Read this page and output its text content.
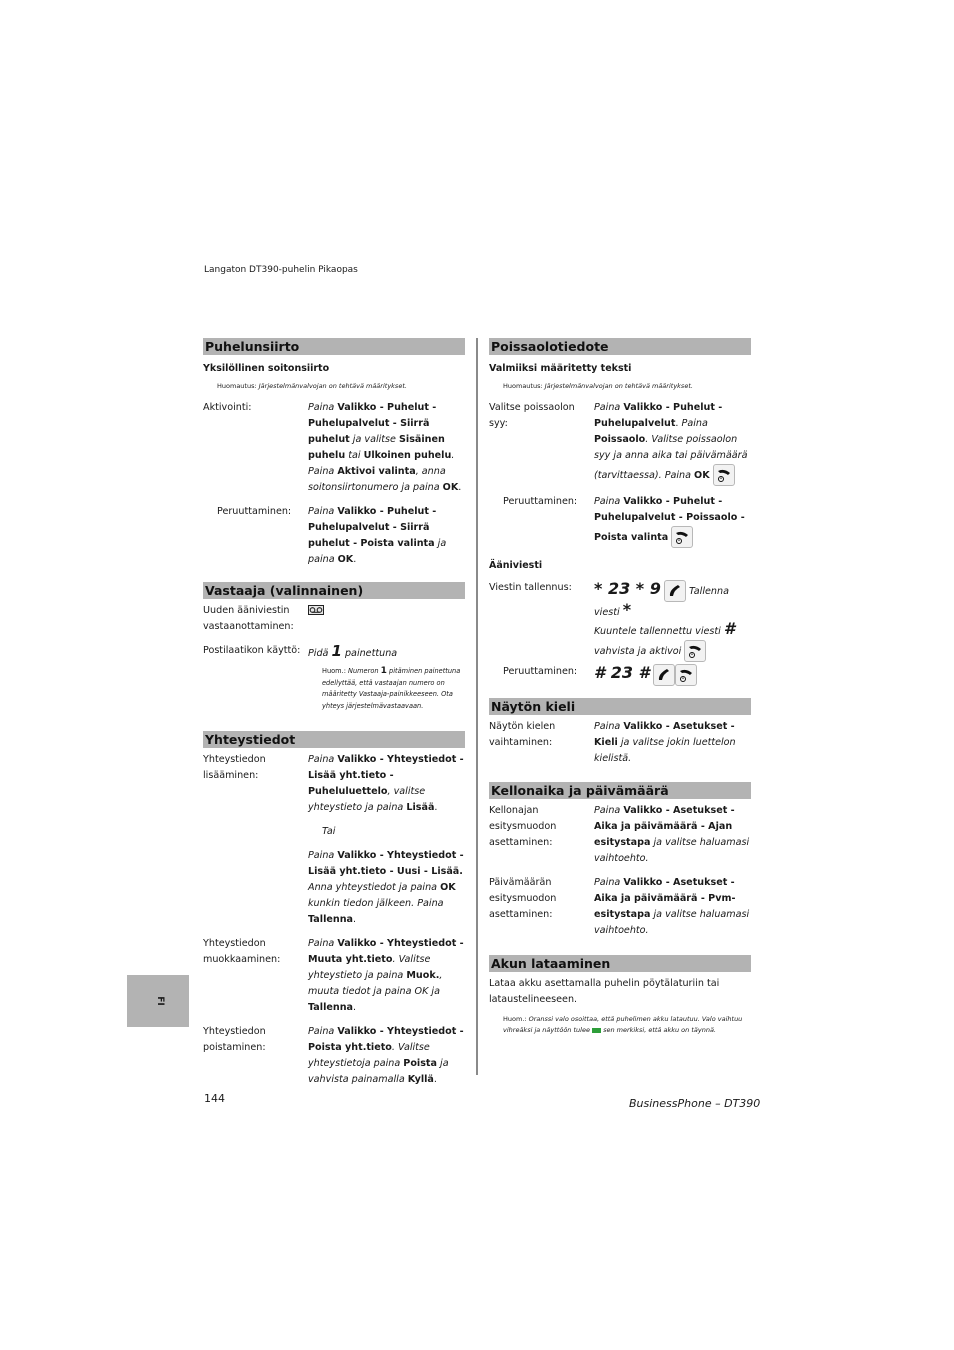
Langaton DT390-puhelin Pikaopas
Puhelunsiirto
Yksilöllinen soitonsiirto
Huomautus: Järjestelmänvalvojan on tehtävä määritykset.
Aktivointi:	Paina Valikko - Puhelut - Puhelupalvelut - Siirrä puhelut ja valitse Sisäinen puhelu tai Ulkoinen puhelu. Paina Aktivoi valinta, anna soitonsiirtonumero ja paina OK.
Peruuttaminen:	Paina Valikko - Puhelut - Puhelupalvelut - Siirrä puhelut - Poista valinta ja paina OK.
Vastaaja (valinnainen)
Uuden ääniviestin vastaanottaminen:
Postilaatikon käyttö: Pidä 1 painettuna
Huom.: Numeron 1 pitäminen painettuna edellyttää, että vastaajan numero on määritetty Vastaaja-painikkeeseen. Ota yhteys järjestelmävastaavaan.
Yhteystiedot
Yhteystiedon lisääminen:
Paina Valikko - Yhteystiedot - Lisää yht.tieto - Puheluluettelo, valitse yhteystieto ja paina Lisää.
Tai
Paina Valikko - Yhteystiedot - Lisää yht.tieto - Uusi - Lisää. Anna yhteystiedot ja paina OK kunkin tiedon jälkeen. Paina Tallenna.
Yhteystiedon muokkaaminen:
Paina Valikko - Yhteystiedot - Muuta yht.tieto. Valitse yhteystieto ja paina Muok., muuta tiedot ja paina OK ja Tallenna.
Yhteystiedon poistaminen:
Paina Valikko - Yhteystiedot - Poista yht.tieto. Valitse yhteystietoja paina Poista ja vahvista painamalla Kyllä.
Poissaolotiedote
Valmiiksi määritetty teksti
Huomautus: Järjestelmänvalvojan on tehtävä määritykset.
Valitse poissaolon syy:
Paina Valikko - Puhelut - Puhelupalvelut. Paina Poissaolo. Valitse poissaolon syy ja anna aika tai päivämäärä (tarvittaessa). Paina OK
Peruuttaminen:	Paina Valikko - Puhelut - Puhelupalvelut - Poissaolo - Poista valinta
Ääniviesti
Viestin tallennus:	* 23 * 9	Tallenna viesti *
Kuuntele tallennettu viesti #
vahvista ja aktivoi
Peruuttaminen:	# 23 #
Näytön kieli
Näytön kielen vaihtaminen:
Paina Valikko - Asetukset - Kieli ja valitse jokin luettelon kielistä.
Kellonaika ja päivämäärä
Kellonajan esitysmuodon asettaminen:
Paina Valikko - Asetukset - Aika ja päivämäärä - Ajan esitystapa ja valitse haluamasi vaihtoehto.
Päivämäärän esitysmuodon asettaminen:
Paina Valikko - Asetukset - Aika ja päivämäärä - Pvm-esitystapa ja valitse haluamasi vaihtoehto.
Akun lataaminen
Lataa akku asettamalla puhelin pöytälaturiin tai lataustelineeseen.
Huom.: Oranssi valo osoittaa, että puhelimen akku latautuu. Valo vaihtuu vihreäksi ja näyttöön tulee  sen merkiksi, että akku on täynnä.
FI
144	BusinessPhone – DT390
